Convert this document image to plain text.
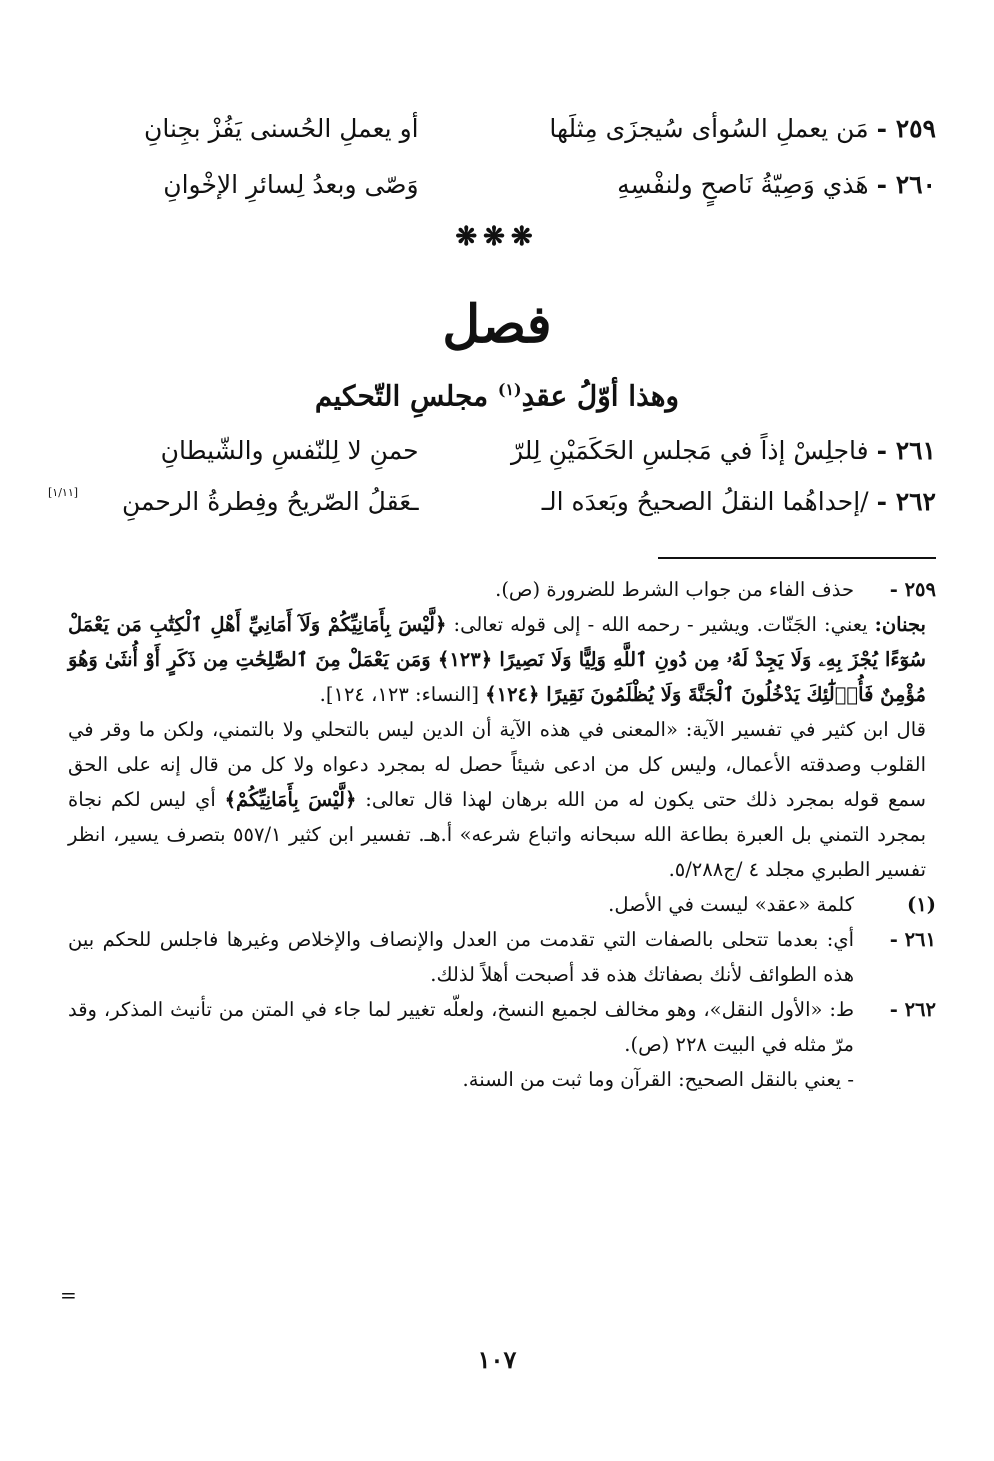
٢٥٩ -
مَن يعملِ السُوأى سُيجزَى مِثلَها
أو يعملِ الحُسنى يَفُزْ بجِنانِ
٢٦٠ -
هَذي وَصِيّةُ نَاصحٍ ولنفْسِهِ
وَصّى وبعدُ لِسائرِ الإخْوانِ
❋❋❋
فصل
وهذا أوّلُ عقدِ$^{(١)}$ مجلسِ التّحكيم
٢٦١ -
فاجلِسْ إذاً في مَجلسِ الحَكَمَيْنِ لِلرّ
حمنِ لا لِلنّفسِ والشّيطانِ
٢٦٢ -
/إحداهُما النقلُ الصحيحُ وبَعدَه الـ
ـعَقلُ الصّريحُ وفِطرةُ الرحمنِ
[١/١١]
٢٥٩ -

حذف الفاء من جواب الشرط للضرورة (ص).

بجنان: يعني: الجَنّات. ويشير - رحمه الله - إلى قوله تعالى: ﴿لَّيْسَ بِأَمَانِيِّكُمْ وَلَآ أَمَانِيِّ أَهْلِ ٱلْكِتَٰبِ مَن يَعْمَلْ سُوٓءًا يُجْزَ بِهِۦ وَلَا يَجِدْ لَهُۥ مِن دُونِ ٱللَّهِ وَلِيًّا وَلَا نَصِيرًا ﴿١٢٣﴾ وَمَن يَعْمَلْ مِنَ ٱلصَّٰلِحَٰتِ مِن ذَكَرٍ أَوْ أُنثَىٰ وَهُوَ مُؤْمِنٌ فَأُو۟لَٰٓئِكَ يَدْخُلُونَ ٱلْجَنَّةَ وَلَا يُظْلَمُونَ نَقِيرًا ﴿١٢٤﴾ [النساء: ١٢٣، ١٢٤].

قال ابن كثير في تفسير الآية: «المعنى في هذه الآية أن الدين ليس بالتحلي ولا بالتمني، ولكن ما وقر في القلوب وصدقته الأعمال، وليس كل من ادعى شيئاً حصل له بمجرد دعواه ولا كل من قال إنه على الحق سمع قوله بمجرد ذلك حتى يكون له من الله برهان لهذا قال تعالى: ﴿لَّيْسَ بِأَمَانِيِّكُمْ﴾ أي ليس لكم نجاة بمجرد التمني بل العبرة بطاعة الله سبحانه واتباع شرعه» أ.هـ. تفسير ابن كثير ٥٥٧/١ بتصرف يسير، انظر تفسير الطبري مجلد ٤ /ج٥/٢٨٨.

(١)
كلمة «عقد» ليست في الأصل.
٢٦١ -
أي: بعدما تتحلى بالصفات التي تقدمت من العدل والإنصاف والإخلاص وغيرها فاجلس للحكم بين هذه الطوائف لأنك بصفاتك هذه قد أصبحت أهلاً لذلك.
٢٦٢ -

ط: «الأول النقل»، وهو مخالف لجميع النسخ، ولعلّه تغيير لما جاء في المتن من تأنيث المذكر، وقد مرّ مثله في البيت ٢٢٨ (ص).

- يعني بالنقل الصحيح: القرآن وما ثبت من السنة.

=
١٠٧
